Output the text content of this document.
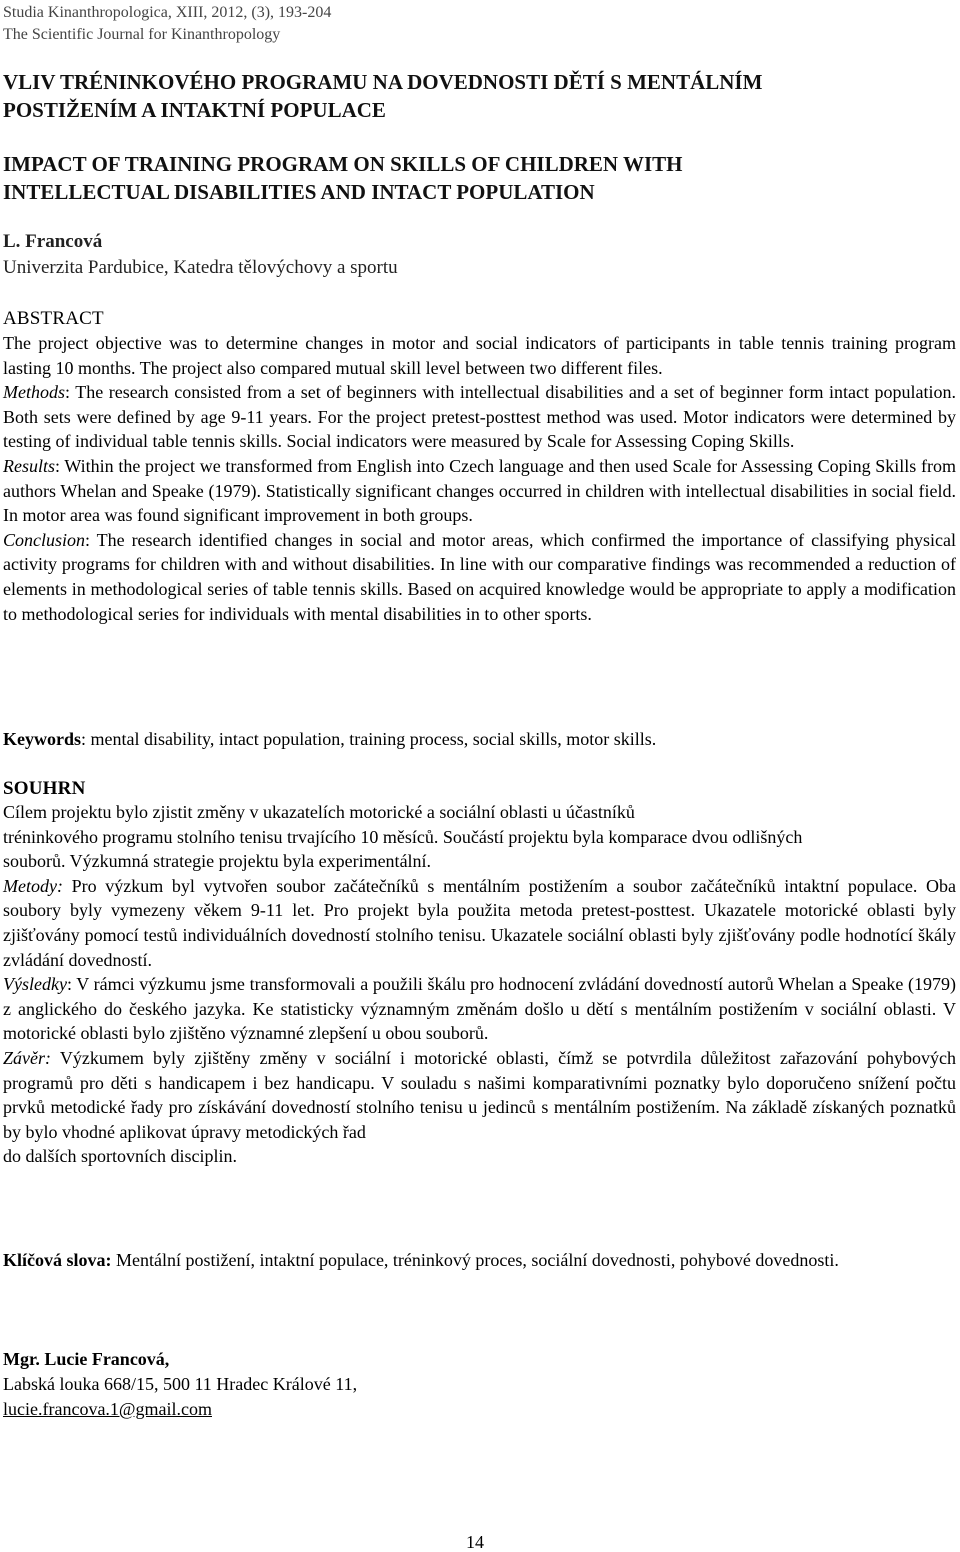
Studia Kinanthropologica, XIII, 2012, (3), 193-204
The Scientific Journal for Kinanthropology
VLIV TRÉNINKOVÉHO PROGRAMU NA DOVEDNOSTI DĚTÍ S MENTÁLNÍM
POSTIŽENÍM A INTAKTNÍ POPULACE
IMPACT OF TRAINING PROGRAM ON SKILLS OF CHILDREN WITH
INTELLECTUAL DISABILITIES AND INTACT POPULATION
L. Francová
Univerzita Pardubice, Katedra tělovýchovy a sportu
ABSTRACT

The project objective was to determine changes in motor and social indicators of participants in table tennis training program lasting 10 months. The project also compared mutual skill level between two different files.

Methods: The research consisted from a set of beginners with intellectual disabilities and a set of beginner form intact population. Both sets were defined by age 9-11 years. For the project pretest-posttest method was used. Motor indicators were determined by testing of individual table tennis skills. Social indicators were measured by Scale for Assessing Coping Skills.

Results: Within the project we transformed from English into Czech language and then used Scale for Assessing Coping Skills from authors Whelan and Speake (1979). Statistically significant changes occurred in children with intellectual disabilities in social field. In motor area was found significant improvement in both groups.

Conclusion: The research identified changes in social and motor areas, which confirmed the importance of classifying physical activity programs for children with and without disabilities. In line with our comparative findings was recommended a reduction of elements in methodological series of table tennis skills. Based on acquired knowledge would be appropriate to apply a modification to methodological series for individuals with mental disabilities in to other sports.

Keywords: mental disability, intact population, training process, social skills, motor skills.
SOUHRN

Cílem projektu bylo zjistit změny v ukazatelích motorické a sociální oblasti u účastníků

tréninkového programu stolního tenisu trvajícího 10 měsíců. Součástí projektu byla komparace dvou odlišných

souborů. Výzkumná strategie projektu byla experimentální.

Metody: Pro výzkum byl vytvořen soubor začátečníků s mentálním postižením a soubor začátečníků intaktní populace. Oba soubory byly vymezeny věkem 9-11 let. Pro projekt byla použita metoda pretest-posttest. Ukazatele motorické oblasti byly zjišťovány pomocí testů individuálních dovedností stolního tenisu. Ukazatele sociální oblasti byly zjišťovány podle hodnotící škály zvládání dovedností.

Výsledky: V rámci výzkumu jsme transformovali a použili škálu pro hodnocení zvládání dovedností autorů Whelan a Speake (1979) z anglického do českého jazyka. Ke statisticky významným změnám došlo u dětí s mentálním postižením v sociální oblasti. V motorické oblasti bylo zjištěno významné zlepšení u obou souborů.

Závěr: Výzkumem byly zjištěny změny v sociální i motorické oblasti, čímž se potvrdila důležitost zařazování pohybových programů pro děti s handicapem i bez handicapu. V souladu s našimi komparativními poznatky bylo doporučeno snížení počtu prvků metodické řady pro získávání dovedností stolního tenisu u jedinců s mentálním postižením. Na základě získaných poznatků by bylo vhodné aplikovat úpravy metodických řad

do dalších sportovních disciplin.

Klíčová slova: Mentální postižení, intaktní populace, tréninkový proces, sociální dovednosti, pohybové dovednosti.
Mgr. Lucie Francová,
Labská louka 668/15, 500 11 Hradec Králové 11,
lucie.francova.1@gmail.com
14
